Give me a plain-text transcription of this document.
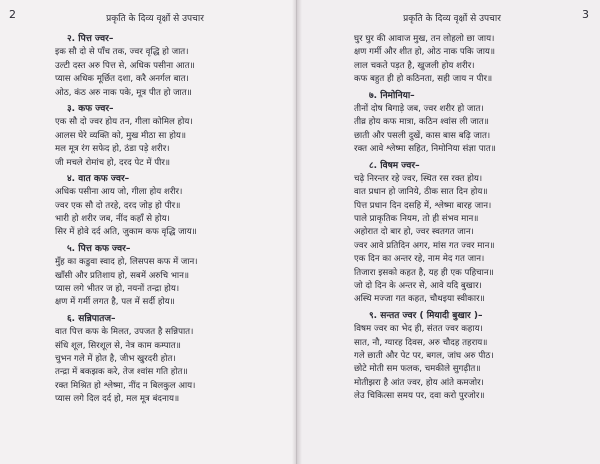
2	प्रकृति के दिव्य वृक्षों से उपचार
२. पित्त ज्वर–
इक सौ दो से पाँच तक, ज्वर वृद्धि हो जात।
उल्टी दस्त अरु पित्त से, अधिक पसीना आत॥
प्यास अधिक मूर्छित दशा, करै अनर्गल बात।
ओठ, कंठ अरु नाक पके, मूत्र पीत हो जात॥
३. कफ ज्वर–
एक सौ दो ज्वर होय तन, गीला कोमिल होय।
आलस घेरे व्यक्ति को, मुख मीठा सा होय॥
मल मूत्र रंग सफेद हो, ठंडा पड़े शरीर।
जी मचले रोमांच हो, दरद पेट में पीर॥
४. वात कफ ज्वर–
अधिक पसीना आय जो, गीला होय शरीर।
ज्वर एक सौ दो तरहे, दरद जोड़ हो पीर॥
भारी हो शरीर जब, नींद कहाँ से होय।
सिर में होवे दर्द अति, जुकाम कफ वृद्धि जाय॥
५. पित्त कफ ज्वर–
मुँह का कडुवा स्वाद हो, लिसपस कफ में जान।
खाँसी और प्रतिशाय हो, सबमें अरुचि भान॥
प्यास लगे भीतर ज हो, नयनों तन्द्रा होय।
क्षण में गर्मी लगत है, पल में सर्दी होय॥
६. सन्निपातज–
वात पित्त कफ के मिलत, उपजत है सन्निपात।
संधि शूल, सिरशूल से, नेत्र काम कम्पात॥
चुभन गले में होत है, जीभ खुरदरी होत।
तन्द्रा में बकझक करे, तेज श्वांस गति होत॥
रक्त मिश्रित हो श्लेष्मा, नींद न बिलकुल आय।
प्यास लगे दिल दर्द हो, मल मूत्र बंदनाय॥
3
प्रकृति के दिव्य वृक्षों से उपचार
घुर घुर की आवाज मुख, तन लोहलो छा जाय।
क्षण गर्मी और शीत हो, ओठ नाक पकि जाय॥
लाल चकते पड़त है, खुजली होय शरीर।
कफ बहुत ही हो कठिनता, सही जाय न पीर॥
७. निमोनिया–
तीनों दोष बिगाड़े जब, ज्वर शरीर हो जात।
तीव्र होय कफ मात्रा, कठिन श्वांस ली जात॥
छाती और पसली दुखें, कास बास बढ़ि जात।
रक्त आवे श्लेष्मा सहित, निमोनिया संज्ञा पात॥
८. विषम ज्वर–
चढ़े निरन्तर रहे ज्वर, स्थित रस रक्त होय।
वात प्रधान हो जानिये, ठीक सात दिन होय॥
पित्त प्रधान दिन दसहि में, श्लेष्मा बारह जान।
पाले प्राकृतिक नियम, तो ही संभव मान॥
अहोरात दो बार हो, ज्वर स्वतगत जान।
ज्वर आवे प्रतिदिन अगर, मांस गत ज्वर मान॥
एक दिन का अन्तर रहे, नाम मेद गत जान।
तिजारा इसको कहत है, यह ही एक पहिचान॥
जो दो दिन के अन्तर से, आवे यदि बुखार।
अस्थि मज्जा गत कहत, चौथइया स्वीकार॥
९. सन्तत ज्वर ( मियादी बुखार )–
विषम ज्वर का भेद ही, संतत ज्वर कहाय।
सात, नौ, ग्यारह दिवस, अरु चौदह तहराय॥
गले छाती और पेट पर, बगल, जांघ अरु पीठ।
छोटे मोती सम फलक, चमकीले सुगढ़ीत॥
मोतीझरा है आंत ज्वर, होय आंते कमजोर।
लेउ चिकित्सा समय पर, दवा करो पुरजोर॥
